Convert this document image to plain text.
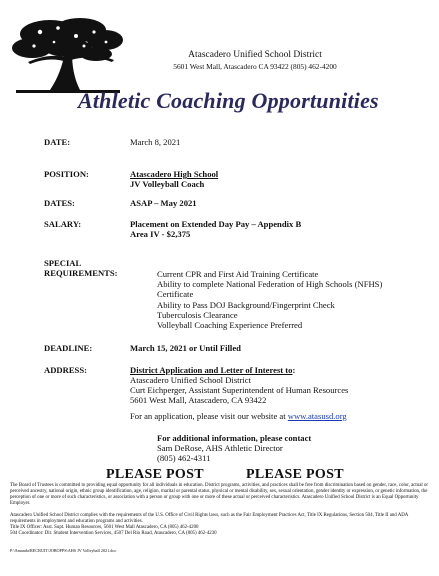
Atascadero Unified School District
5601 West Mall, Atascadero CA 93422 (805) 462-4200
Athletic Coaching Opportunities
DATE:	March 8, 2021
POSITION:	Atascadero High School
JV Volleyball Coach
DATES:	ASAP – May 2021
SALARY:	Placement on Extended Day Pay – Appendix B
Area IV - $2,375
SPECIAL
REQUIREMENTS:	Current CPR and First Aid Training Certificate
Ability to complete National Federation of High Schools (NFHS)
Certificate
Ability to Pass DOJ Background/Fingerprint Check
Tuberculosis Clearance
Volleyball Coaching Experience Preferred
DEADLINE:	March 15, 2021 or Until Filled
ADDRESS:	District Application and Letter of Interest to:
Atascadero Unified School District
Curt Eichperger, Assistant Superintendent of Human Resources
5601 West Mall, Atascadero, CA 93422
For an application, please visit our website at www.atasusd.org
For additional information, please contact
Sam DeRose, AHS Athletic Director
(805) 462-4311
PLEASE POST	PLEASE POST
The Board of Trustees is committed to providing equal opportunity for all individuals in education. District programs, activities, and practices shall be free from discrimination based on gender, race, color, actual or perceived ancestry, national origin, ethnic group identification, age, religion, marital or parental status, physical or mental disability, sex, sexual orientation, gender identity or expression, or genetic information, the perception of one or more of such characteristics, or association with a person or group with one or more of these actual or perceived characteristics. Atascadero Unified School District is an Equal Opportunity Employer.
Atascadero Unified School District complies with the requirements of the U.S. Office of Civil Rights laws, such as the Fair Employment Practices Act, Title IX Regulations, Section 504, Title II and ADA requirements in employment and education programs and activities.
Title IX Officer: Asst. Supt. Human Resources, 5601 West Mall Atascadero, CA (805) 462-4200
504 Coordinator: Dir. Student Intervention Services, 4507 Del Rio Road, Atascadero, CA (805) 462-4230
P:\Amanda\RECRUIT\JOBOPPS\AHS JV Volleyball 2021.doc
